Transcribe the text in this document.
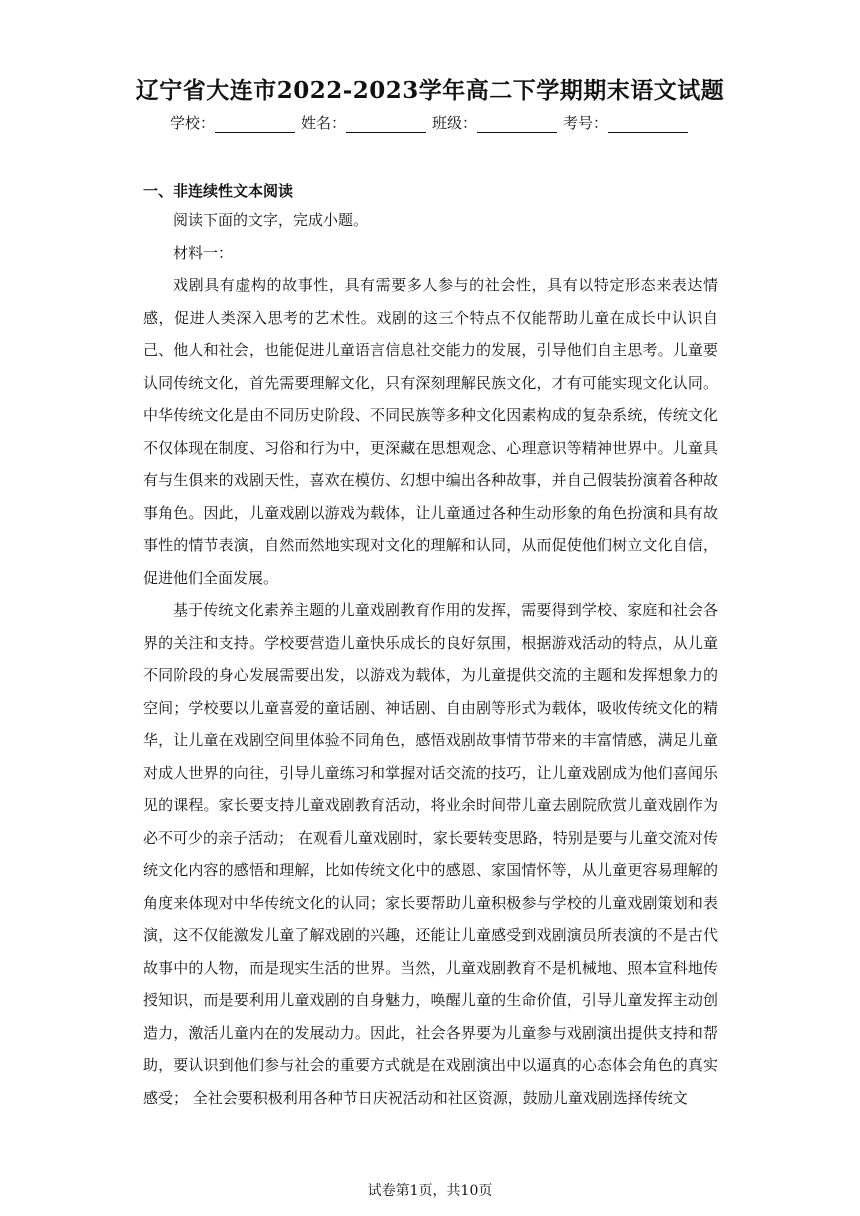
辽宁省大连市2022-2023学年高二下学期期末语文试题
学校：	姓名：	班级：	考号：
一、非连续性文本阅读

阅读下面的文字，完成小题。

材料一：

戏剧具有虚构的故事性，具有需要多人参与的社会性，具有以特定形态来表达情感，促进人类深入思考的艺术性。戏剧的这三个特点不仅能帮助儿童在成长中认识自己、他人和社会，也能促进儿童语言信息社交能力的发展，引导他们自主思考。儿童要认同传统文化，首先需要理解文化，只有深刻理解民族文化，才有可能实现文化认同。中华传统文化是由不同历史阶段、不同民族等多种文化因素构成的复杂系统，传统文化不仅体现在制度、习俗和行为中，更深藏在思想观念、心理意识等精神世界中。儿童具有与生俱来的戏剧天性，喜欢在模仿、幻想中编出各种故事，并自己假装扮演着各种故事角色。因此，儿童戏剧以游戏为载体，让儿童通过各种生动形象的角色扮演和具有故事性的情节表演，自然而然地实现对文化的理解和认同，从而促使他们树立文化自信，促进他们全面发展。

基于传统文化素养主题的儿童戏剧教育作用的发挥，需要得到学校、家庭和社会各界的关注和支持。学校要营造儿童快乐成长的良好氛围，根据游戏活动的特点，从儿童不同阶段的身心发展需要出发，以游戏为载体，为儿童提供交流的主题和发挥想象力的空间；学校要以儿童喜爱的童话剧、神话剧、自由剧等形式为载体，吸收传统文化的精华，让儿童在戏剧空间里体验不同角色，感悟戏剧故事情节带来的丰富情感，满足儿童对成人世界的向往，引导儿童练习和掌握对话交流的技巧，让儿童戏剧成为他们喜闻乐见的课程。家长要支持儿童戏剧教育活动，将业余时间带儿童去剧院欣赏儿童戏剧作为必不可少的亲子活动； 在观看儿童戏剧时，家长要转变思路，特别是要与儿童交流对传统文化内容的感悟和理解，比如传统文化中的感恩、家国情怀等，从儿童更容易理解的角度来体现对中华传统文化的认同；家长要帮助儿童积极参与学校的儿童戏剧策划和表演，这不仅能激发儿童了解戏剧的兴趣，还能让儿童感受到戏剧演员所表演的不是古代故事中的人物，而是现实生活的世界。当然，儿童戏剧教育不是机械地、照本宣科地传授知识，而是要利用儿童戏剧的自身魅力，唤醒儿童的生命价值，引导儿童发挥主动创造力，激活儿童内在的发展动力。因此，社会各界要为儿童参与戏剧演出提供支持和帮助，要认识到他们参与社会的重要方式就是在戏剧演出中以逼真的心态体会角色的真实感受； 全社会要积极利用各种节日庆祝活动和社区资源，鼓励儿童戏剧选择传统文

试卷第1页，共10页
